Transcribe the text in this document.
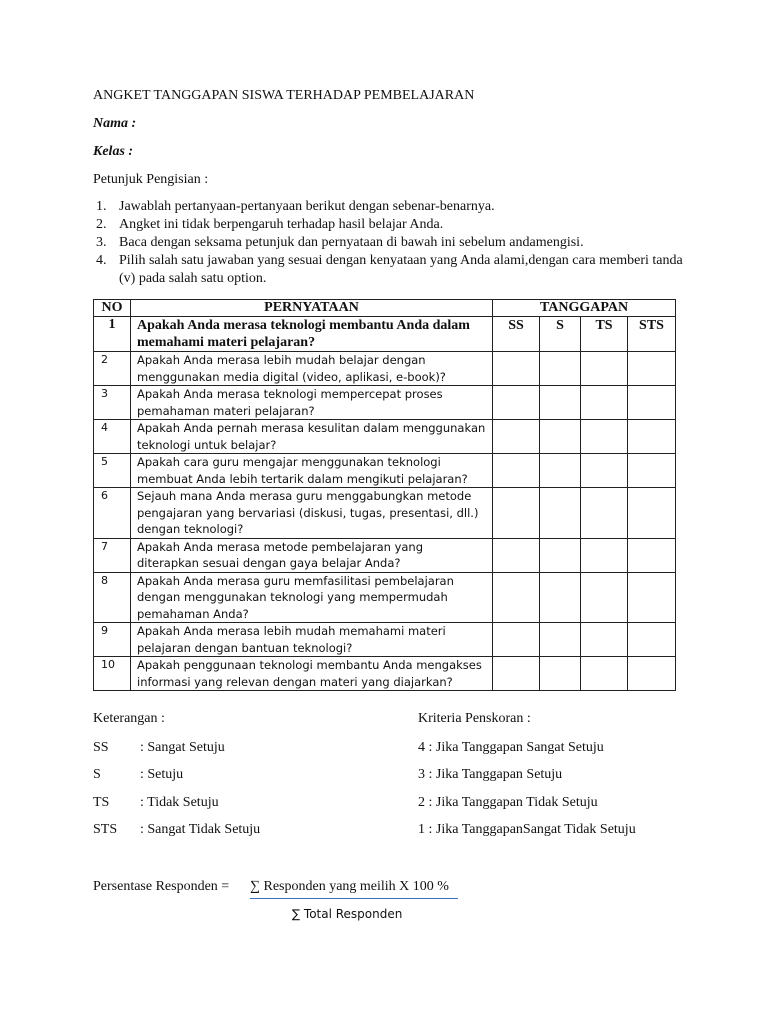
ANGKET TANGGAPAN SISWA TERHADAP PEMBELAJARAN
Nama :
Kelas :
Petunjuk Pengisian :
1. Jawablah pertanyaan-pertanyaan berikut dengan sebenar-benarnya.
2. Angket ini tidak berpengaruh terhadap hasil belajar Anda.
3. Baca dengan seksama petunjuk dan pernyataan di bawah ini sebelum andamengisi.
4. Pilih salah satu jawaban yang sesuai dengan kenyataan yang Anda alami,dengan cara memberi tanda (v) pada salah satu option.
NO	PERNYATAAN	TANGGAPAN			
1	Apakah Anda merasa teknologi membantu Anda dalam memahami materi pelajaran?	SS	S	TS	STS
2	Apakah Anda merasa lebih mudah belajar dengan menggunakan media digital (video, aplikasi, e-book)?				
3	Apakah Anda merasa teknologi mempercepat proses pemahaman materi pelajaran?				
4	Apakah Anda pernah merasa kesulitan dalam menggunakan teknologi untuk belajar?				
5	Apakah cara guru mengajar menggunakan teknologi membuat Anda lebih tertarik dalam mengikuti pelajaran?				
6	Sejauh mana Anda merasa guru menggabungkan metode pengajaran yang bervariasi (diskusi, tugas, presentasi, dll.) dengan teknologi?				
7	Apakah Anda merasa metode pembelajaran yang diterapkan sesuai dengan gaya belajar Anda?				
8	Apakah Anda merasa guru memfasilitasi pembelajaran dengan menggunakan teknologi yang mempermudah pemahaman Anda?				
9	Apakah Anda merasa lebih mudah memahami materi pelajaran dengan bantuan teknologi?				
10	Apakah penggunaan teknologi membantu Anda mengakses informasi yang relevan dengan materi yang diajarkan?				
Keterangan :
SS : Sangat Setuju
S	: Setuju
TS : Tidak Setuju
STS : Sangat Tidak Setuju
Kriteria Penskoran :
4 : Jika Tanggapan Sangat Setuju
3 : Jika Tanggapan Setuju
2 : Jika Tanggapan Tidak Setuju
1 : Jika TanggapanSangat Tidak Setuju
Persentase Responden = ∑ Responden yang meilih X 100 %
∑ Total Responden
